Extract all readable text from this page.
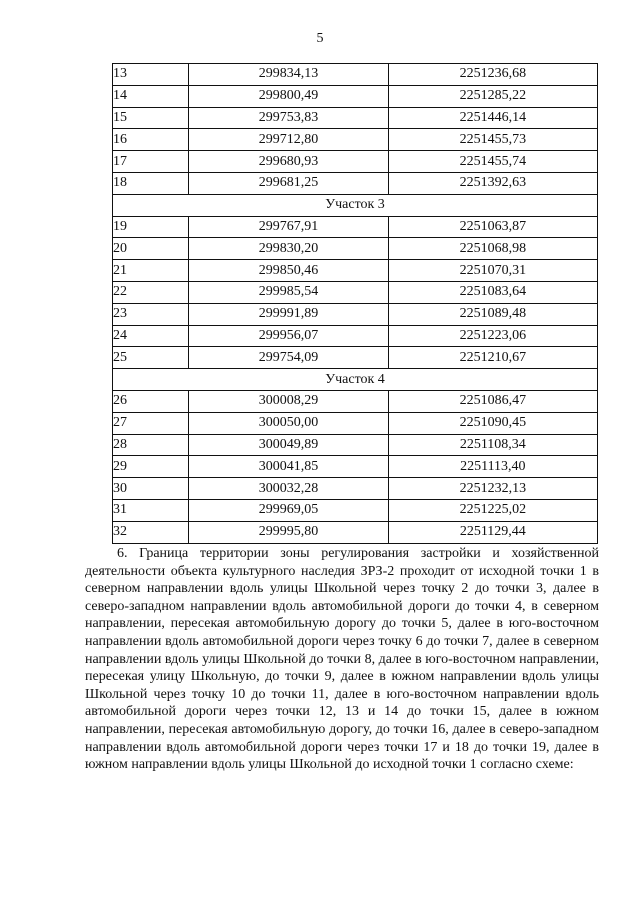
5
13	299834,13	2251236,68
14	299800,49	2251285,22
15	299753,83	2251446,14
16	299712,80	2251455,73
17	299680,93	2251455,74
18	299681,25	2251392,63
Участок 3		
19	299767,91	2251063,87
20	299830,20	2251068,98
21	299850,46	2251070,31
22	299985,54	2251083,64
23	299991,89	2251089,48
24	299956,07	2251223,06
25	299754,09	2251210,67
Участок 4		
26	300008,29	2251086,47
27	300050,00	2251090,45
28	300049,89	2251108,34
29	300041,85	2251113,40
30	300032,28	2251232,13
31	299969,05	2251225,02
32	299995,80	2251129,44

6. Граница территории зоны регулирования застройки и хозяйственной деятельности объекта культурного наследия ЗРЗ-2 проходит от исходной точки 1 в северном направлении вдоль улицы Школьной через точку 2 до точки 3, далее в северо-западном направлении вдоль автомобильной дороги до точки 4, в северном направлении, пересекая автомобильную дорогу до точки 5, далее в юго-восточном направлении вдоль автомобильной дороги через точку 6 до точки 7, далее в северном направлении вдоль улицы Школьной до точки 8, далее в юго-восточном направлении, пересекая улицу Школьную, до точки 9, далее в южном направлении вдоль улицы Школьной через точку 10 до точки 11, далее в юго-восточном направлении вдоль автомобильной дороги через точки 12, 13 и 14 до точки 15, далее в южном направлении, пересекая автомобильную дорогу, до точки 16, далее в северо-западном направлении вдоль автомобильной дороги через точки 17 и 18 до точки 19, далее в южном направлении вдоль улицы Школьной до исходной точки 1 согласно схеме:
